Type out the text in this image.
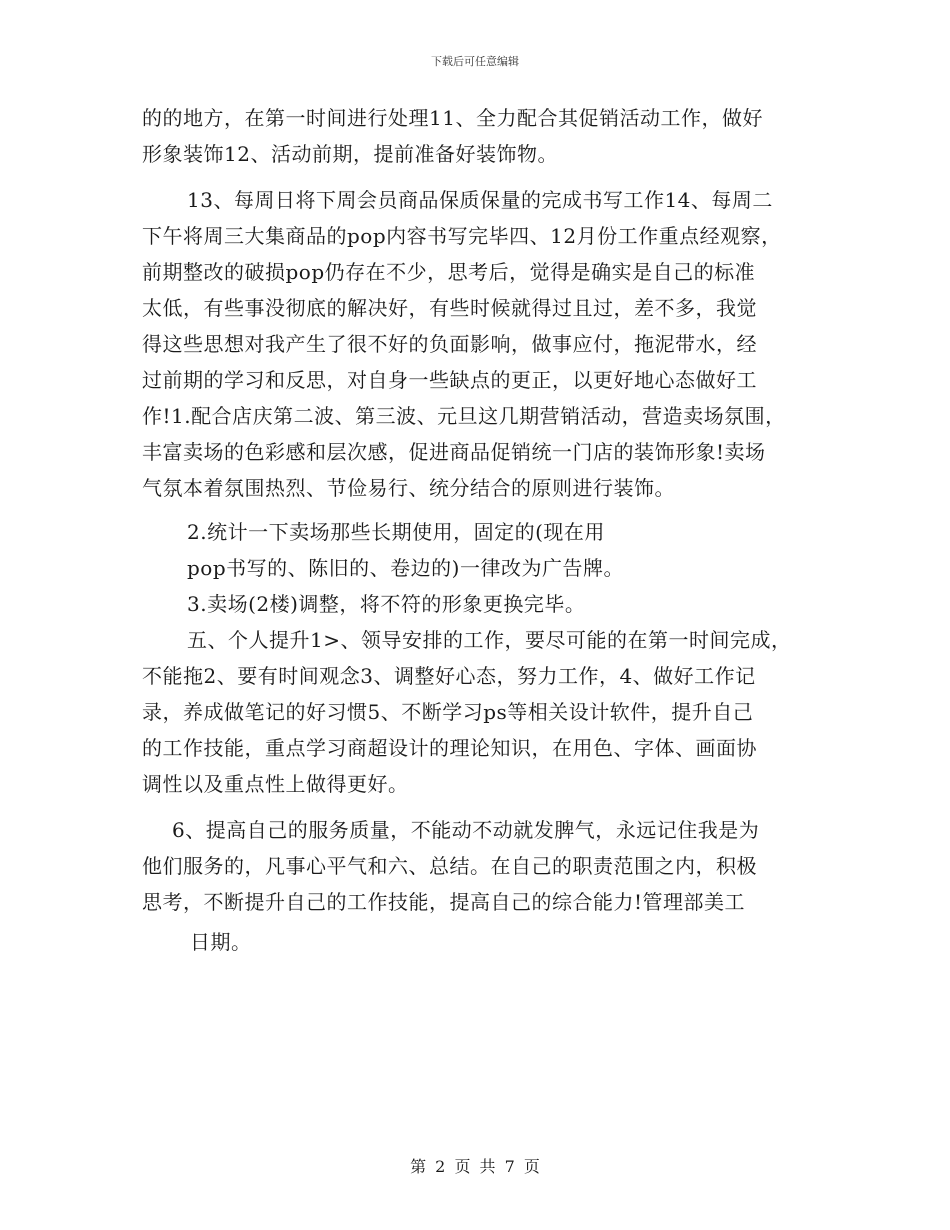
下载后可任意编辑
的的地方，在第一时间进行处理11、全力配合其促销活动工作，做好
形象装饰12、活动前期，提前准备好装饰物。
13、每周日将下周会员商品保质保量的完成书写工作14、每周二
下午将周三大集商品的pop内容书写完毕四、12月份工作重点经观察，
前期整改的破损pop仍存在不少，思考后，觉得是确实是自己的标准
太低，有些事没彻底的解决好，有些时候就得过且过，差不多，我觉
得这些思想对我产生了很不好的负面影响，做事应付，拖泥带水，经
过前期的学习和反思，对自身一些缺点的更正，以更好地心态做好工
作!1.配合店庆第二波、第三波、元旦这几期营销活动，营造卖场氛围，
丰富卖场的色彩感和层次感，促进商品促销统一门店的装饰形象!卖场
气氛本着氛围热烈、节俭易行、统分结合的原则进行装饰。
2.统计一下卖场那些长期使用，固定的(现在用
pop书写的、陈旧的、卷边的)一律改为广告牌。
3.卖场(2楼)调整，将不符的形象更换完毕。
五、个人提升1>、领导安排的工作，要尽可能的在第一时间完成，
不能拖2、要有时间观念3、调整好心态，努力工作，4、做好工作记
录，养成做笔记的好习惯5、不断学习ps等相关设计软件，提升自己
的工作技能，重点学习商超设计的理论知识，在用色、字体、画面协
调性以及重点性上做得更好。
6、提高自己的服务质量，不能动不动就发脾气，永远记住我是为
他们服务的，凡事心平气和六、总结。在自己的职责范围之内，积极
思考，不断提升自己的工作技能，提高自己的综合能力!管理部美工
日期。
第 2 页 共 7 页
